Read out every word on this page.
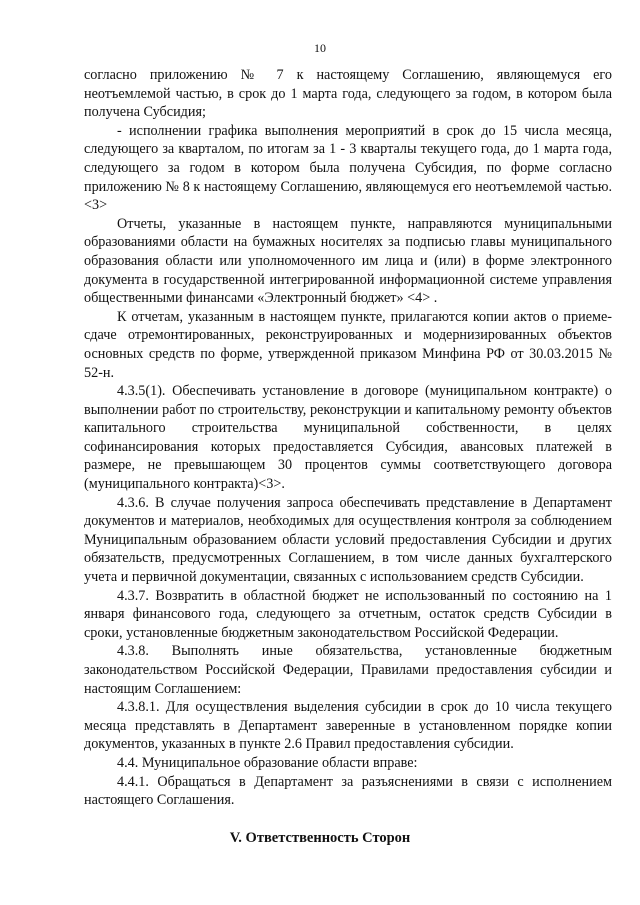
10

согласно приложению № 7 к настоящему Соглашению, являющемуся его неотъемлемой частью, в срок до 1 марта года, следующего за годом, в котором была получена Субсидия;

- исполнении графика выполнения мероприятий в срок до 15 числа месяца, следующего за кварталом, по итогам за 1 - 3 кварталы текущего года, до 1 марта года, следующего за годом в котором была получена Субсидия, по форме согласно приложению № 8 к настоящему Соглашению, являющемуся его неотъемлемой частью. <3>

Отчеты, указанные в настоящем пункте, направляются муниципальными образованиями области на бумажных носителях за подписью главы муниципального образования области или уполномоченного им лица и (или) в форме электронного документа в государственной интегрированной информационной системе управления общественными финансами «Электронный бюджет» <4> .

К отчетам, указанным в настоящем пункте, прилагаются копии актов о приеме-сдаче отремонтированных, реконструированных и модернизированных объектов основных средств по форме, утвержденной приказом Минфина РФ от 30.03.2015 № 52-н.

4.3.5(1). Обеспечивать установление в договоре (муниципальном контракте) о выполнении работ по строительству, реконструкции и капитальному ремонту объектов капитального строительства муниципальной собственности, в целях софинансирования которых предоставляется Субсидия, авансовых платежей в размере, не превышающем 30 процентов суммы соответствующего договора (муниципального контракта)<3>.

4.3.6. В случае получения запроса обеспечивать представление в Департамент документов и материалов, необходимых для осуществления контроля за соблюдением Муниципальным образованием области условий предоставления Субсидии и других обязательств, предусмотренных Соглашением, в том числе данных бухгалтерского учета и первичной документации, связанных с использованием средств Субсидии.

4.3.7. Возвратить в областной бюджет не использованный по состоянию на 1 января финансового года, следующего за отчетным, остаток средств Субсидии в сроки, установленные бюджетным законодательством Российской Федерации.

4.3.8. Выполнять иные обязательства, установленные бюджетным законодательством Российской Федерации, Правилами предоставления субсидии и настоящим Соглашением:

4.3.8.1. Для осуществления выделения субсидии в срок до 10 числа текущего месяца представлять в Департамент заверенные в установленном порядке копии документов, указанных в пункте 2.6 Правил предоставления субсидии.

4.4. Муниципальное образование области вправе:

4.4.1. Обращаться в Департамент за разъяснениями в связи с исполнением настоящего Соглашения.

V. Ответственность Сторон
